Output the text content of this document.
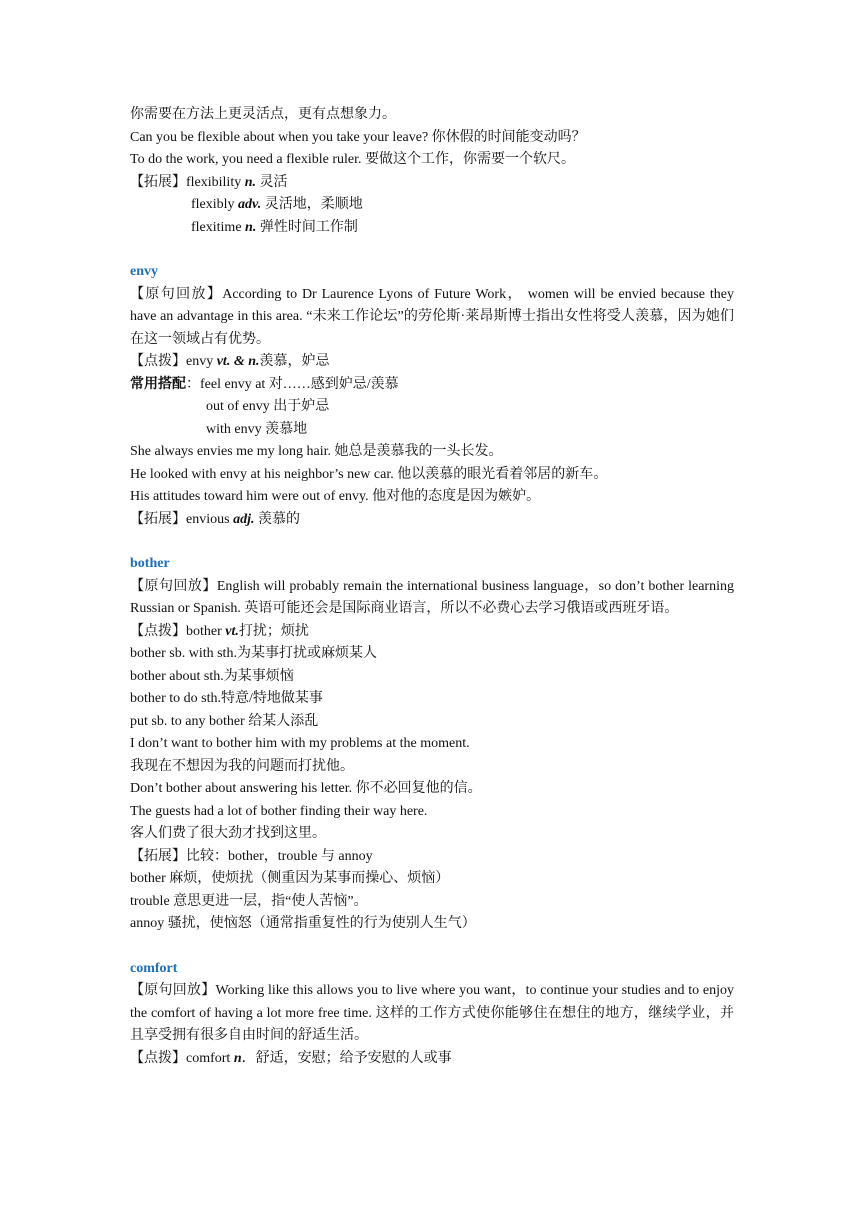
你需要在方法上更灵活点，更有点想象力。
Can you be flexible about when you take your leave? 你休假的时间能变动吗？
To do the work, you need a flexible ruler. 要做这个工作，你需要一个软尺。
【拓展】flexibility n. 灵活
flexibly adv. 灵活地，柔顺地
flexitime n. 弹性时间工作制
envy
【原句回放】According to Dr Laurence Lyons of Future Work， women will be envied because they have an advantage in this area. “未来工作论坛”的劳伦斯·莱昂斯博士指出女性将受人羡慕，因为她们在这一领域占有优势。
【点拨】envy vt. & n.羡慕，妒忌
常用搭配：feel envy at 对……感到妒忌/羡慕
out of envy 出于妒忌
with envy 羡慕地
She always envies me my long hair. 她总是羡慕我的一头长发。
He looked with envy at his neighbor’s new car. 他以羡慕的眼光看着邻居的新车。
His attitudes toward him were out of envy. 他对他的态度是因为嫉妒。
【拓展】envious adj. 羡慕的
bother
【原句回放】English will probably remain the international business language，so don’t bother learning Russian or Spanish. 英语可能还会是国际商业语言，所以不必费心去学习俄语或西班牙语。
【点拨】bother vt.打扰；烦扰
bother sb. with sth.为某事打扰或麻烦某人
bother about sth.为某事烦恼
bother to do sth.特意/特地做某事
put sb. to any bother 给某人添乱
I don’t want to bother him with my problems at the moment.
我现在不想因为我的问题而打扰他。
Don’t bother about answering his letter. 你不必回复他的信。
The guests had a lot of bother finding their way here.
客人们费了很大劲才找到这里。
【拓展】比较：bother，trouble 与 annoy
bother 麻烦，使烦扰（侧重因为某事而操心、烦恼）
trouble 意思更进一层，指“使人苦恼”。
annoy 骚扰，使恼怒（通常指重复性的行为使别人生气）
comfort
【原句回放】Working like this allows you to live where you want，to continue your studies and to enjoy the comfort of having a lot more free time. 这样的工作方式使你能够住在想住的地方，继续学业，并且享受拥有很多自由时间的舒适生活。
【点拨】comfort n．舒适，安慰；给予安慰的人或事
